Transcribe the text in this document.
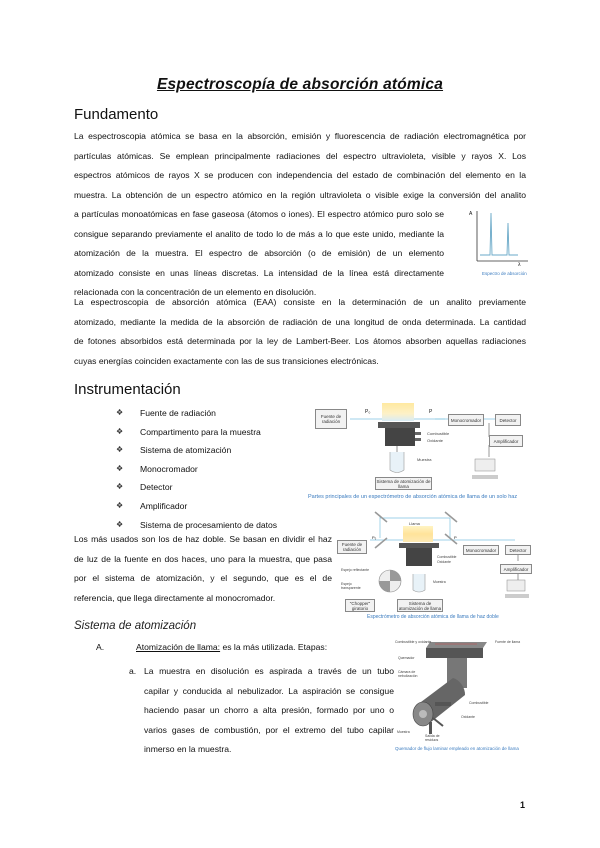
Espectroscopía de absorción atómica
Fundamento
La espectroscopia atómica se basa en la absorción, emisión y fluorescencia de radiación electromagnética por
partículas atómicas. Se emplean principalmente radiaciones del espectro ultravioleta, visible y rayos X. Los
espectros atómicos de rayos X se producen con independencia del estado de combinación del elemento en la
muestra. La obtención de un espectro atómico en la región ultravioleta o visible exige la conversión del analito
a partículas monoatómicas en fase gaseosa (átomos o iones). El espectro atómico puro solo se
consigue separando previamente el analito de todo lo de más a lo que este unido, mediante la
atomización de la muestra. El espectro de absorción (o de emisión) de un elemento
atomizado consiste en unas líneas discretas. La intensidad de la línea está directamente
relacionada con la concentración de un elemento en disolución.
A
λ
Espectro de absorción
La espectroscopia de absorción atómica (EAA) consiste en la determinación de un analito previamente
atomizado, mediante la medida de la absorción de radiación de una longitud de onda determinada. La cantidad
de fotones absorbidos está determinada por la ley de Lambert-Beer. Los átomos absorben aquellas radiaciones
cuyas energías coinciden exactamente con las de sus transiciones electrónicas.
Instrumentación
❖	Fuente de radiación
❖	Compartimento para la muestra
❖	Sistema de atomización
❖	Monocromador
❖	Detector
❖	Amplificador
❖	Sistema de procesamiento de datos
Fuente de radiación
P₀	P
Monocromador	Detector
Amplificador
Combustible
Oxidante
Muestra
Sistema de atomización de llama
Partes principales de un espectrómetro de absorción atómica de llama de un solo haz
Los más usados son los de haz doble. Se basan en dividir el haz
de luz de la fuente en dos haces, uno para la muestra, que pasa
por el sistema de atomización, y el segundo, que es el de
referencia, que llega directamente al monocromador.
Llama
Fuente de radiación
P₀	P
Monocromador	Detector
Amplificador
Combustible
Oxidante
Muestra
Espejo reflectante
Espejo transparente
"Chopper" giratorio
Sistema de atomización de llama
Espectrómetro de absorción atómica de llama de haz doble
Sistema de atomización
A.	Atomización de llama: es la más utilizada. Etapas:
a. La muestra en disolución es aspirada a través de un tubo
capilar y conducida al nebulizador. La aspiración se consigue
haciendo pasar un chorro a alta presión, formado por uno o
varios gases de combustión, por el extremo del tubo capilar
inmerso en la muestra.
Combustible y oxidante	Fuente de llama
Quemador
Cámara de nebulización
Combustible
Oxidante
Muestra
Salida de residuos
Quemador de flujo laminar empleado en atomización de llama
1
